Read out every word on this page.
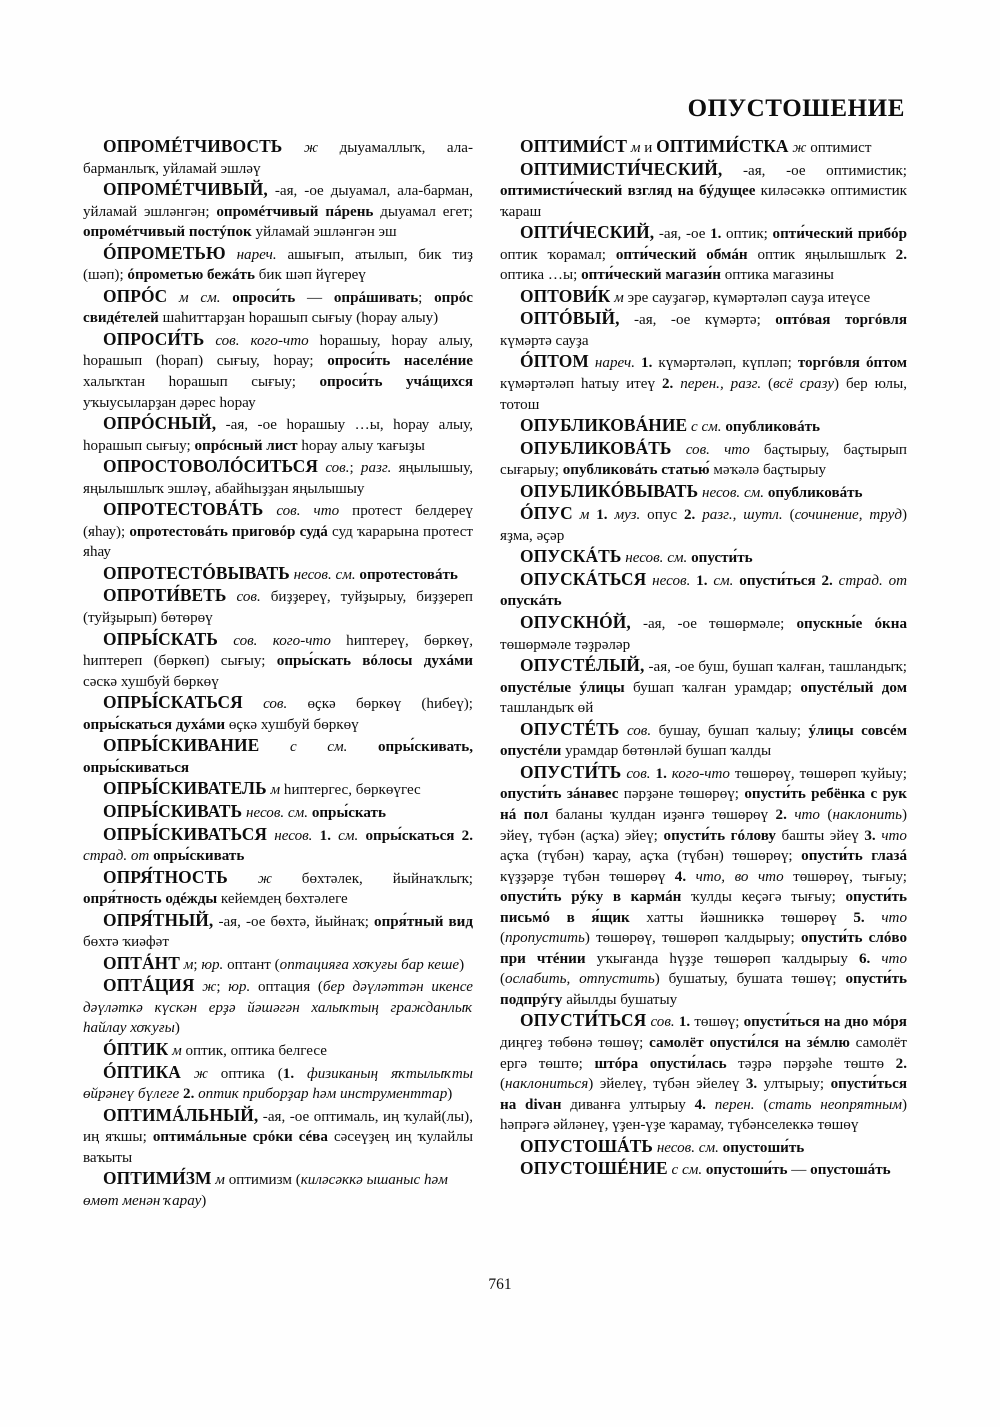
ОПУСТОШЕНИЕ

ОПРОМÉТЧИВОСТЬ ж дыуамаллыҡ, ала-барманлыҡ, уйламай эшләү

ОПРОМÉТЧИВЫЙ, -ая, -ое дыуамал, ала-барман, уйламай эшләнгән; опромéтчивый пáрень дыуамал егет; опромéтчивый постýпок уйламай эшләнгән эш

ÓПРОМЕТЬЮ нареч. ашығып, атылып, бик тиҙ (шәп); óпрометью бежáть бик шәп йүгереү

ОПРÓС м см. опроси́ть — опрáшивать; опрóс свидéтелей шаһиттарҙан һорашып сығыу (һорау алыу)

ОПРОСИ́ТЬ сов. кого-что һорашыу, һорау алыу, һорашып (һорап) сығыу, һорау; опроси́ть населéние халыҡтан һорашып сығыу; опроси́ть учáщихся уҡыусыларҙан дәрес һорау

ОПРÓСНЫЙ, -ая, -ое һорашыу …ы, һорау алыу, һорашып сығыу; опрóсный лист һорау алыу ҡағыҙы

ОПРОСТОВОЛÓСИТЬСЯ сов.; разг. яңылышыу, яңылышлыҡ эшләү, абайһыҙҙан яңылышыу

ОПРОТЕСТОВÁТЬ сов. что протест белдереү (яһау); опротестовáть приговóр судá суд ҡарарына протест яһау

ОПРОТЕСТÓВЫВАТЬ несов. см. опротестовáть

ОПРОТИ́ВЕТЬ сов. биҙҙереү, туйҙырыу, биҙҙереп (туйҙырып) бөтөрөү

ОПРЫ́СКАТЬ сов. кого-что һиптереү, бөркөү, һиптереп (бөркөп) сығыу; опры́скать вóлосы духáми сәскә хушбуй бөркөү

ОПРЫ́СКАТЬСЯ сов. өҫкә бөркөү (һибеү); опры́скаться духáми өҫкә хушбуй бөркөү

ОПРЫ́СКИВАНИЕ с см. опры́скивать, опры́скиваться

ОПРЫ́СКИВАТЕЛЬ м һиптергес, бөркөүгес

ОПРЫ́СКИВАТЬ несов. см. опры́скать

ОПРЫ́СКИВАТЬСЯ несов. 1. см. опры́скаться 2. страд. от опры́скивать

ОПРЯ́ТНОСТЬ ж бөхтәлек, йыйнаҡлыҡ; опря́тность одéжды кейемдең бөхтәлеге

ОПРЯ́ТНЫЙ, -ая, -ое бөхтә, йыйнаҡ; опря́тный вид бөхтә ҡиәфәт

ОПТÁНТ м; юр. оптант (оптацияға хоҡуғы бар кеше)

ОПТÁЦИЯ ж; юр. оптация (бер дәүләттән икенсе дәүләткә күскән ерҙә йәшәгән халыҡтың гражданлыҡ һайлау хоҡуғы)

ÓПТИК м оптик, оптика белгесе

ÓПТИКА ж оптика (1. физиканың яҡтылыҡты өйрәнеү бүлеге 2. оптик приборҙар һәм инструменттар)

ОПТИМÁЛЬНЫЙ, -ая, -ое оптималь, иң ҡулай(лы), иң яҡшы; оптимáльные срóки сéва сәсеүҙең иң ҡулайлы ваҡыты

ОПТИМИ́ЗМ м оптимизм (киләсәккә ышаныс һәм өмөт менән ҡарау)

ОПТИМИ́СТ м и ОПТИМИ́СТКА ж оптимист

ОПТИМИСТИ́ЧЕСКИЙ, -ая, -ое оптимистик; оптимисти́ческий взгляд на бýдущее киләсәккә оптимистик ҡараш

ОПТИ́ЧЕСКИЙ, -ая, -ое 1. оптик; опти́ческий прибóр оптик ҡорамал; опти́ческий обмáн оптик яңылышлыҡ 2. оптика …ы; опти́ческий магази́н оптика магазины

ОПТОВИ́К м эре сауҙагәр, күмәртәләп сауҙа итеүсе

ОПТÓВЫЙ, -ая, -ое күмәртә; оптóвая торгóвля күмәртә сауҙа

ÓПТОМ нареч. 1. күмәртәләп, күпләп; торгóвля óптом күмәртәләп һатыу итеү 2. перен., разг. (всё сразу) бер юлы, тотош

ОПУБЛИКОВÁНИЕ с см. опубликовáть

ОПУБЛИКОВÁТЬ сов. что баҫтырыу, баҫтырып сығарыу; опубликовáть статью́ мәҡәлә баҫтырыу

ОПУБЛИКÓВЫВАТЬ несов. см. опубликовáть

ÓПУС м 1. муз. опус 2. разг., шутл. (сочинение, труд) яҙма, әҫәр

ОПУСКÁТЬ несов. см. опусти́ть

ОПУСКÁТЬСЯ несов. 1. см. опусти́ться 2. страд. от опускáть

ОПУСКНÓЙ, -ая, -ое төшөрмәле; опускны́е óкна төшөрмәле тәҙрәләр

ОПУСТÉЛЫЙ, -ая, -ое буш, бушап ҡалған, ташландыҡ; опустéлые ýлицы бушап ҡалған урамдар; опустéлый дом ташландыҡ өй

ОПУСТÉТЬ сов. бушау, бушап ҡалыу; ýлицы совсéм опустéли урамдар бөтөнләй бушап ҡалды

ОПУСТИ́ТЬ сов. 1. кого-что төшөрөү, төшөрөп ҡуйыу; опусти́ть зáнавес пәрҙәне төшөрөү; опусти́ть ребёнка с рук нá пол баланы ҡулдан иҙәнгә төшөрөү 2. что (наклонить) эйеү, түбән (аҫҡа) эйеү; опусти́ть гóлову башты эйеү 3. что аҫҡа (түбән) ҡарау, аҫҡа (түбән) төшөрөү; опусти́ть глазá күҙҙәрҙе түбән төшөрөү 4. что, во что төшөрөү, тығыу; опусти́ть рýку в кармáн ҡулды кеҫәгә тығыу; опусти́ть письмó в я́щик хатты йәшниккә төшөрөү 5. что (пропустить) төшөрөү, төшөрөп ҡалдырыу; опусти́ть слóво при чтéнии уҡығанда һүҙҙе төшөрөп ҡалдырыу 6. что (ослабить, отпустить) бушатыу, бушата төшөү; опусти́ть подпрýгу айылды бушатыу

ОПУСТИ́ТЬСЯ сов. 1. төшөү; опусти́ться на дно мóря диңгеҙ төбөнә төшөү; самолёт опусти́лся на зéмлю самолёт ергә төштө; штóра опусти́лась тәҙрә пәрҙәһе төштө 2. (наклониться) эйелеү, түбән эйелеү 3. ултырыу; опусти́ться на divан диванға ултырыу 4. перен. (стать неопрятным) һәпрәгә әйләнеү, үҙен-үҙе ҡарамау, түбәнселеккә төшөү

ОПУСТОШÁТЬ несов. см. опустоши́ть

ОПУСТОШÉНИЕ с см. опустоши́ть — опустошáть

761
